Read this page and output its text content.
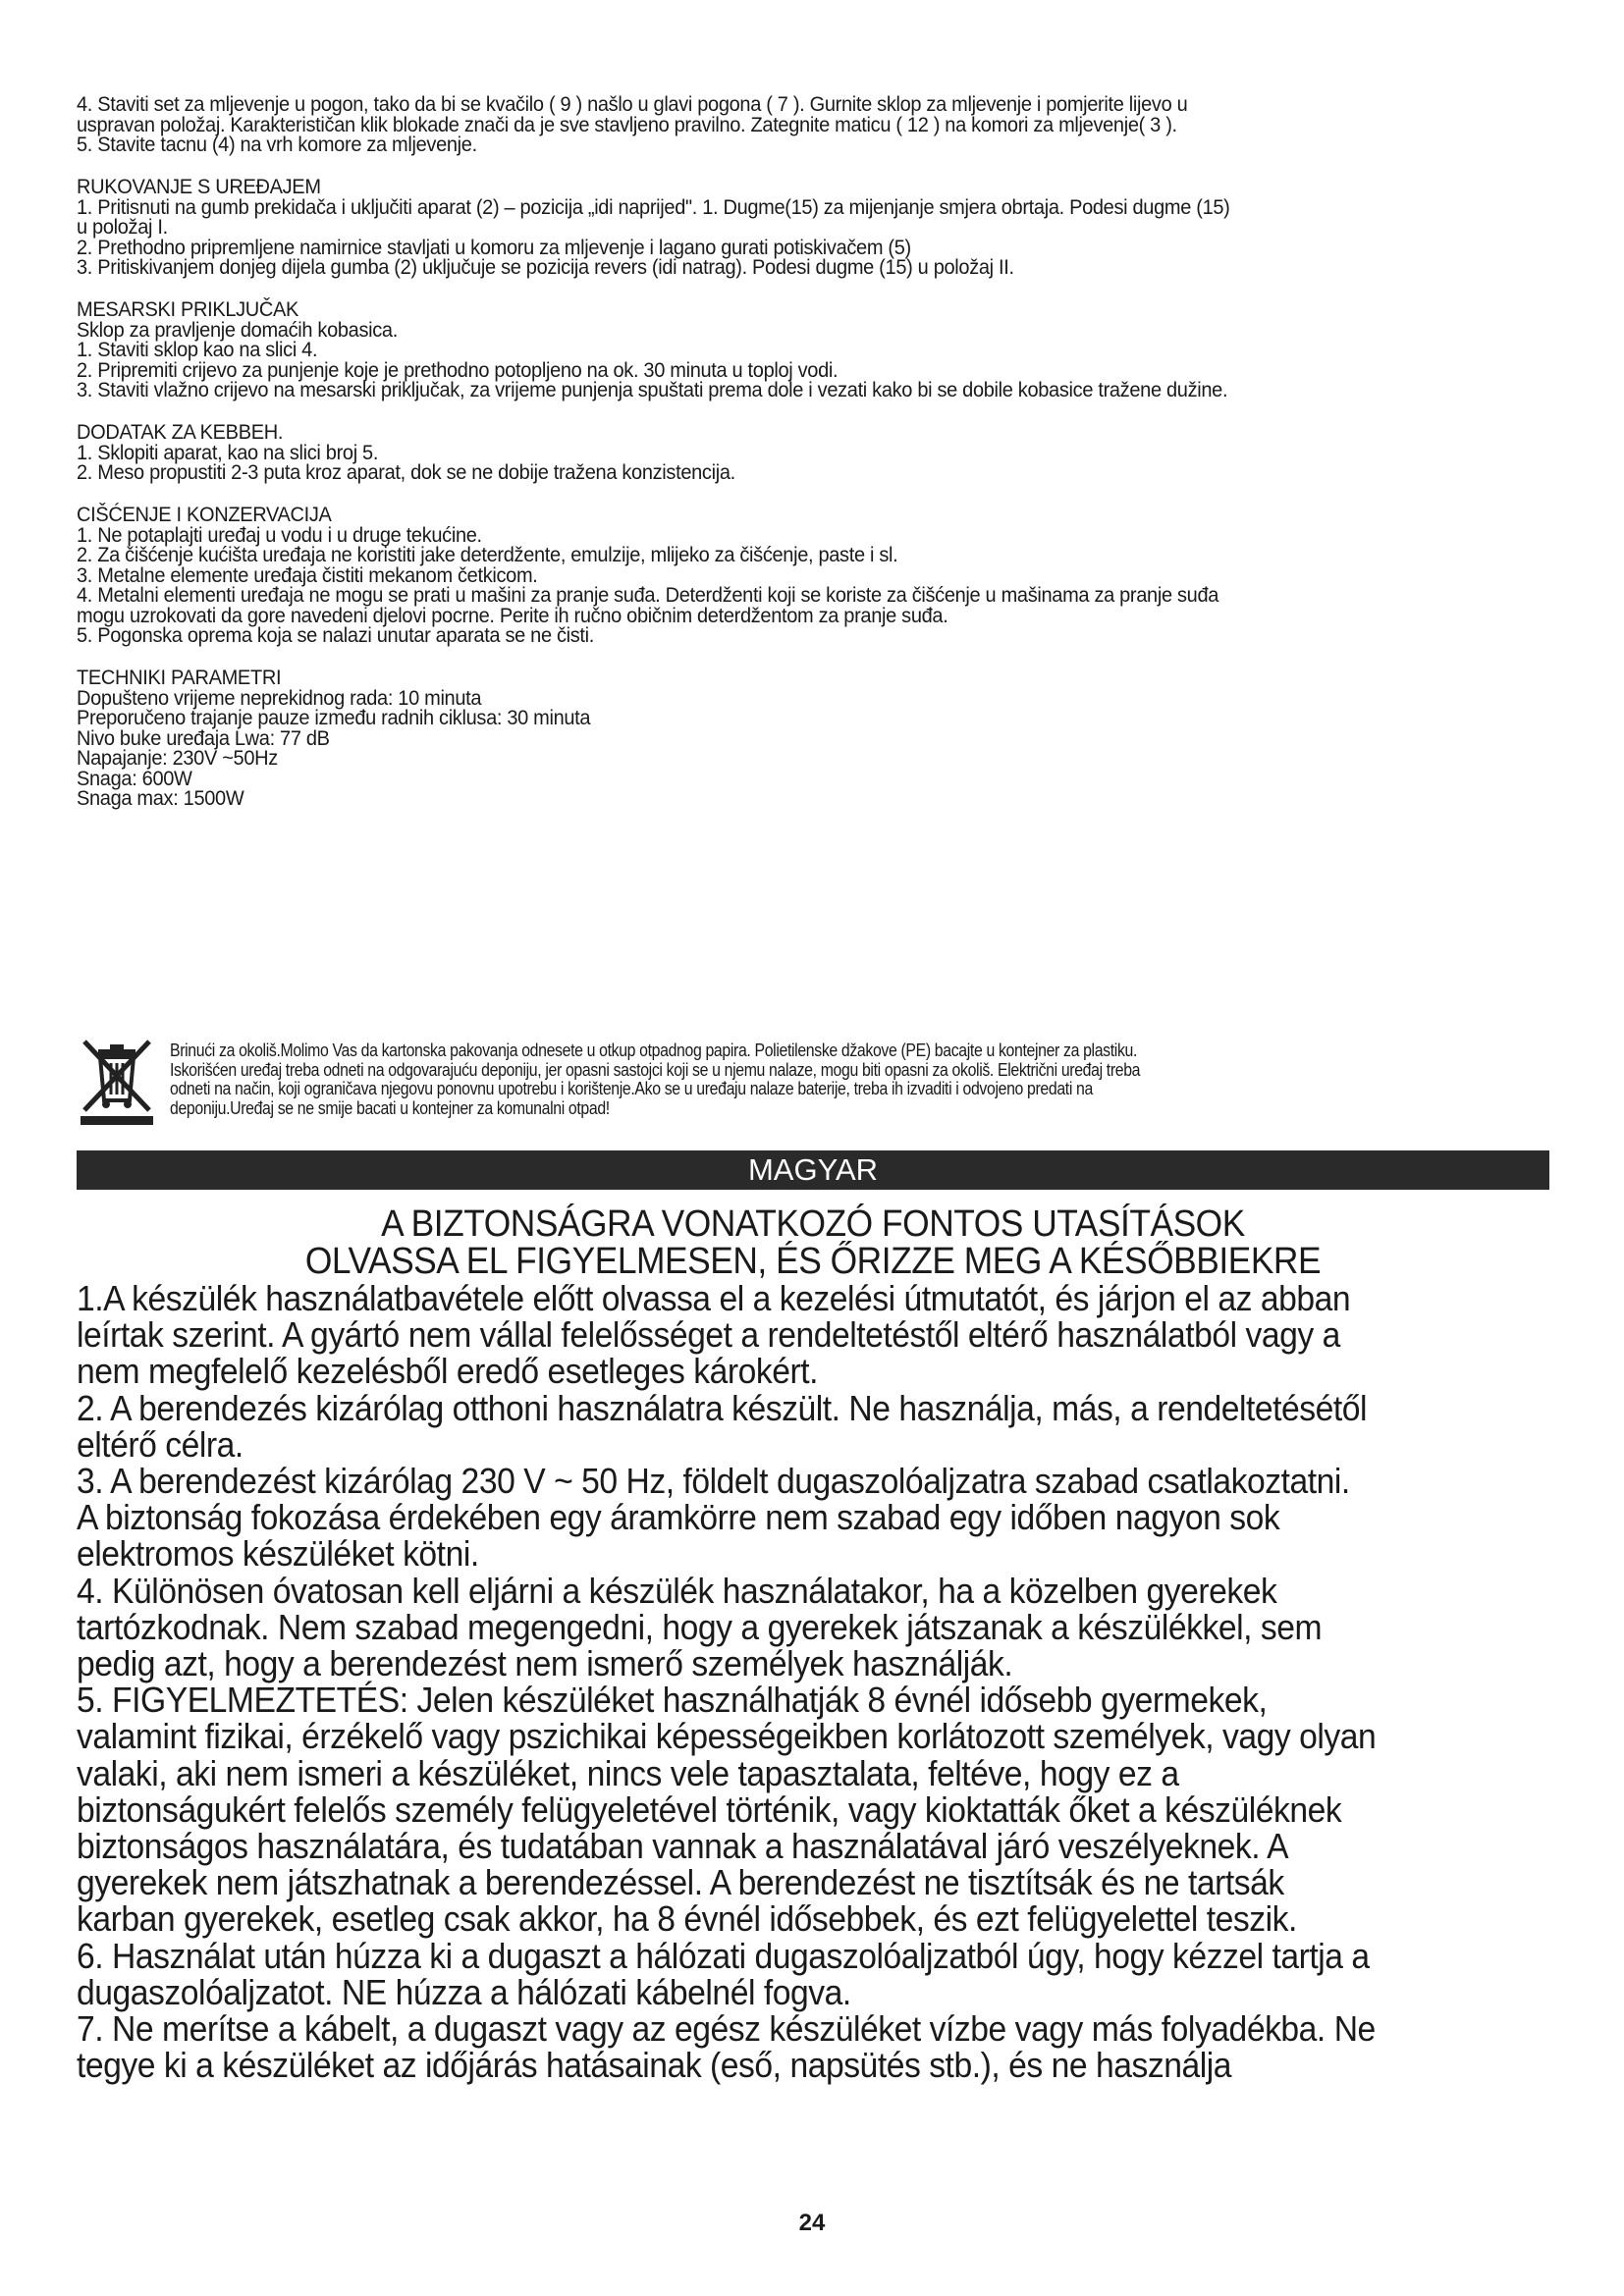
4. Staviti set za mljevenje u pogon, tako da bi se kvačilo ( 9 ) našlo u glavi pogona ( 7 ). Gurnite sklop za mljevenje i pomjerite lijevo u

uspravan položaj. Karakterističan klik blokade znači da je sve stavljeno pravilno. Zategnite maticu ( 12 ) na komori za mljevenje( 3 ).

5. Stavite tacnu (4) na vrh komore za mljevenje.

RUKOVANJE S UREĐAJEM

1. Pritisnuti na gumb prekidača i uključiti aparat (2) – pozicija „idi naprijed". 1. Dugme(15) za mijenjanje smjera obrtaja. Podesi dugme (15)

u položaj I.

2. Prethodno pripremljene namirnice stavljati u komoru za mljevenje i lagano gurati potiskivačem (5)

3. Pritiskivanjem donjeg dijela gumba (2) uključuje se pozicija revers (idi natrag). Podesi dugme (15) u položaj II.

MESARSKI PRIKLJUČAK

Sklop za pravljenje domaćih kobasica.

1. Staviti sklop kao na slici 4.

2. Pripremiti crijevo za punjenje koje je prethodno potopljeno na ok. 30 minuta u toploj vodi.

3. Staviti vlažno crijevo na mesarski priključak, za vrijeme punjenja spuštati prema dole i vezati kako bi se dobile kobasice tražene dužine.

DODATAK ZA KEBBEH.

1. Sklopiti aparat, kao na slici broj 5.

2. Meso propustiti 2-3 puta kroz aparat, dok se ne dobije tražena konzistencija.

CIŠĆENJE I KONZERVACIJA

1. Ne potaplajti uređaj u vodu i u druge tekućine.

2. Za čišćenje kućišta uređaja ne koristiti jake deterdžente, emulzije, mlijeko za čišćenje, paste i sl.

3. Metalne elemente uređaja čistiti mekanom četkicom.

4. Metalni elementi uređaja ne mogu se prati u mašini za pranje suđa. Deterdženti koji se koriste za čišćenje u mašinama za pranje suđa

mogu uzrokovati da gore navedeni djelovi pocrne. Perite ih ručno običnim deterdžentom za pranje suđa.

5. Pogonska oprema koja se nalazi unutar aparata se ne čisti.

TECHNIKI PARAMETRI

Dopušteno vrijeme neprekidnog rada: 10 minuta

Preporučeno trajanje pauze između radnih ciklusa: 30 minuta

Nivo buke uređaja Lwa: 77 dB

Napajanje: 230V ~50Hz

Snaga: 600W

Snaga max: 1500W

Brinući za okoliš.Molimo Vas da kartonska pakovanja odnesete u otkup otpadnog papira. Polietilenske džakove (PE) bacajte u kontejner za plastiku.

Iskorišćen uređaj treba odneti na odgovarajuću deponiju, jer opasni sastojci koji se u njemu nalaze, mogu biti opasni za okoliš. Električni uređaj treba

odneti na način, koji ograničava njegovu ponovnu upotrebu i korištenje.Ako se u uređaju nalaze baterije, treba ih izvaditi i odvojeno predati na

deponiju.Uređaj se ne smije bacati u kontejner za komunalni otpad!

MAGYAR

A BIZTONSÁGRA VONATKOZÓ FONTOS UTASÍTÁSOK

OLVASSA EL FIGYELMESEN, ÉS ŐRIZZE MEG A KÉSŐBBIEKRE

1.A készülék használatbavétele előtt olvassa el a kezelési útmutatót, és járjon el az abban

leírtak szerint. A gyártó nem vállal felelősséget a rendeltetéstől eltérő használatból vagy a

nem megfelelő kezelésből eredő esetleges károkért.

2. A berendezés kizárólag otthoni használatra készült. Ne használja, más, a rendeltetésétől

eltérő célra.

3. A berendezést kizárólag 230 V ~ 50 Hz, földelt dugaszolóaljzatra szabad csatlakoztatni.

A biztonság fokozása érdekében egy áramkörre nem szabad egy időben nagyon sok

elektromos készüléket kötni.

4. Különösen óvatosan kell eljárni a készülék használatakor, ha a közelben gyerekek

tartózkodnak. Nem szabad megengedni, hogy a gyerekek játszanak a készülékkel, sem

pedig azt, hogy a berendezést nem ismerő személyek használják.

5. FIGYELMEZTETÉS: Jelen készüléket használhatják 8 évnél idősebb gyermekek,

valamint fizikai, érzékelő vagy pszichikai képességeikben korlátozott személyek, vagy olyan

valaki, aki nem ismeri a készüléket, nincs vele tapasztalata, feltéve, hogy ez a

biztonságukért felelős személy felügyeletével történik, vagy kioktatták őket a készüléknek

biztonságos használatára, és tudatában vannak a használatával járó veszélyeknek. A

gyerekek nem játszhatnak a berendezéssel. A berendezést ne tisztítsák és ne tartsák

karban gyerekek, esetleg csak akkor, ha 8 évnél idősebbek, és ezt felügyelettel teszik.

6. Használat után húzza ki a dugaszt a hálózati dugaszolóaljzatból úgy, hogy kézzel tartja a

dugaszolóaljzatot. NE húzza a hálózati kábelnél fogva.

7. Ne merítse a kábelt, a dugaszt vagy az egész készüléket vízbe vagy más folyadékba. Ne

tegye ki a készüléket az időjárás hatásainak (eső, napsütés stb.), és ne használja

24
